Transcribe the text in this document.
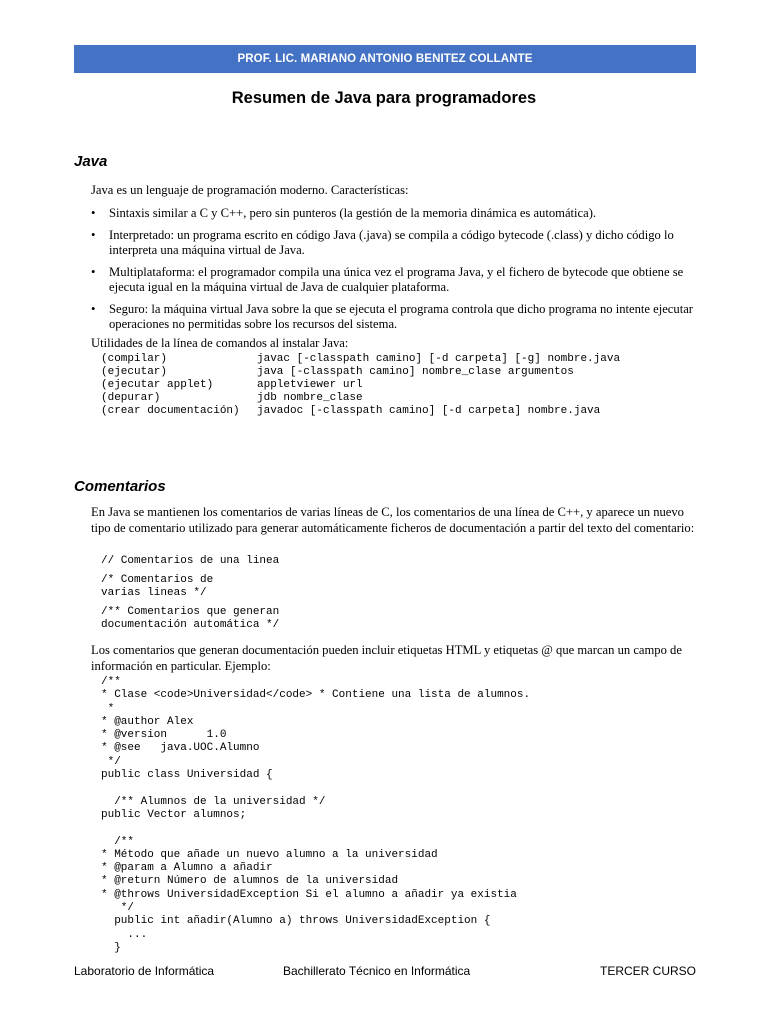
PROF. LIC. MARIANO ANTONIO BENITEZ COLLANTE
Resumen de Java para programadores
Java

Java es un lenguaje de programación moderno. Características:

• Sintaxis similar a C y C++, pero sin punteros (la gestión de la memoria dinámica es automática).
• Interpretado: un programa escrito en código Java (.java) se compila a código bytecode (.class) y dicho código lo interpreta una máquina virtual de Java.
• Multiplataforma: el programador compila una única vez el programa Java, y el fichero de bytecode que obtiene se ejecuta igual en la máquina virtual de Java de cualquier plataforma.
• Seguro: la máquina virtual Java sobre la que se ejecuta el programa controla que dicho programa no intente ejecutar operaciones no permitidas sobre los recursos del sistema.

Utilidades de la línea de comandos al instalar Java:

(compilar)	javac [-classpath camino] [-d carpeta] [-g] nombre.java
(ejecutar)	java [-classpath camino] nombre_clase argumentos
(ejecutar applet)	appletviewer url
(depurar)	jdb nombre_clase
(crear documentación) javadoc [-classpath camino] [-d carpeta] nombre.java
Comentarios

En Java se mantienen los comentarios de varias líneas de C, los comentarios de una línea de C++, y aparece un nuevo tipo de comentario utilizado para generar automáticamente ficheros de documentación a partir del texto del comentario:

// Comentarios de una linea
/* Comentarios de
varias lineas */
/** Comentarios que generan
documentación automática */

Los comentarios que generan documentación pueden incluir etiquetas HTML y etiquetas @ que marcan un campo de información en particular. Ejemplo:

/**
* Clase <code>Universidad</code> * Contiene una lista de alumnos.
*
* @author Alex
* @version      1.0
* @see   java.UOC.Alumno
*/
public class Universidad {

/** Alumnos de la universidad */
public Vector alumnos;

/**
* Método que añade un nuevo alumno a la universidad
* @param a Alumno a añadir
* @return Número de alumnos de la universidad
* @throws UniversidadException Si el alumno a añadir ya existia
*/
public int añadir(Alumno a) throws UniversidadException {
...
}
Laboratorio de Informática	Bachillerato Técnico en Informática	TERCER CURSO
